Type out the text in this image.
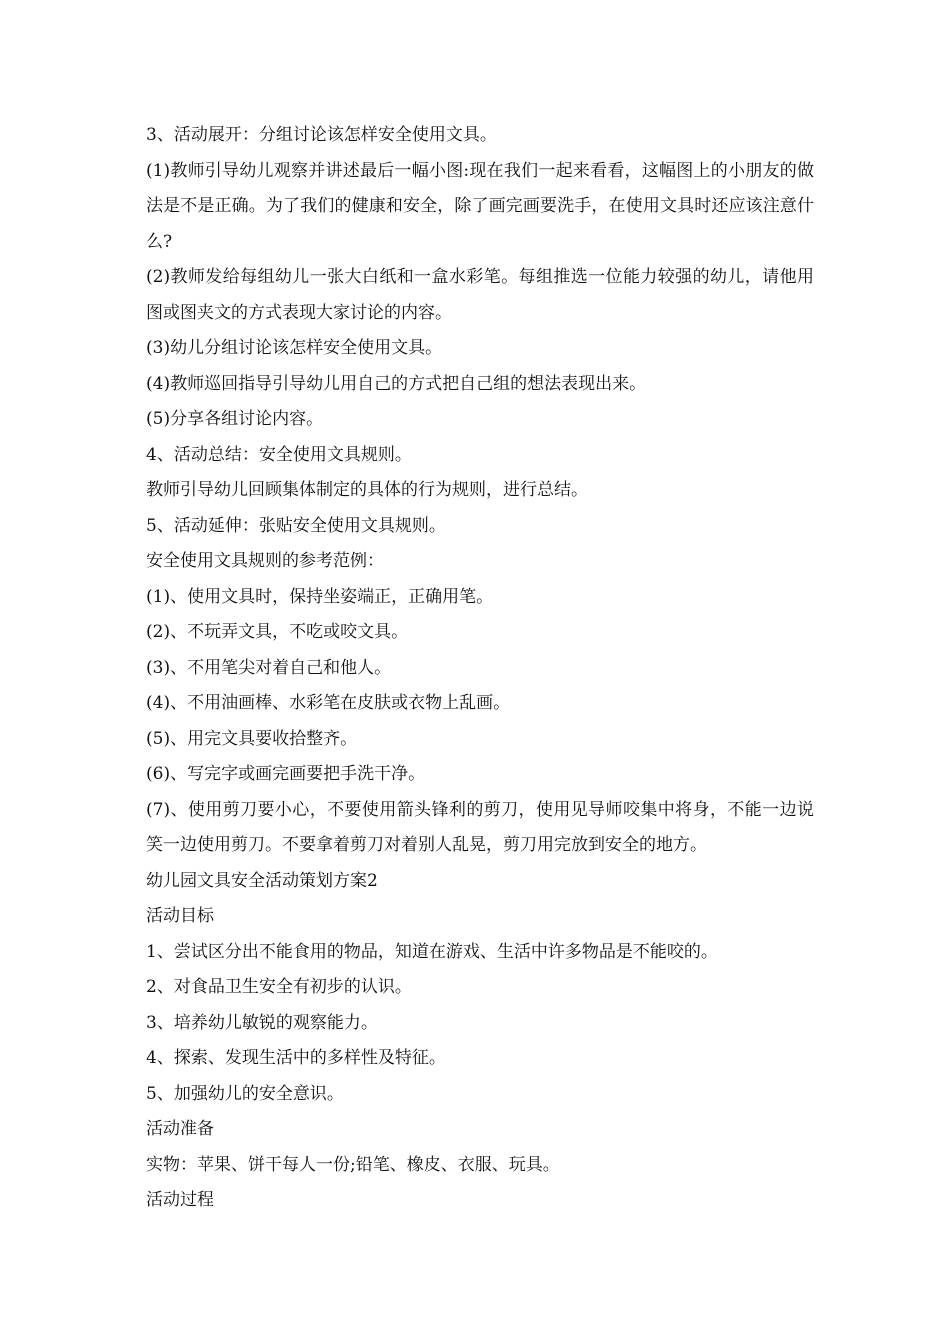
3、活动展开：分组讨论该怎样安全使用文具。

(1)教师引导幼儿观察并讲述最后一幅小图:现在我们一起来看看，这幅图上的小朋友的做法是不是正确。为了我们的健康和安全，除了画完画要洗手，在使用文具时还应该注意什么?

(2)教师发给每组幼儿一张大白纸和一盒水彩笔。每组推选一位能力较强的幼儿，请他用图或图夹文的方式表现大家讨论的内容。

(3)幼儿分组讨论该怎样安全使用文具。

(4)教师巡回指导引导幼儿用自己的方式把自己组的想法表现出来。

(5)分享各组讨论内容。

4、活动总结：安全使用文具规则。

教师引导幼儿回顾集体制定的具体的行为规则，进行总结。

5、活动延伸：张贴安全使用文具规则。

安全使用文具规则的参考范例：

(1)、使用文具时，保持坐姿端正，正确用笔。

(2)、不玩弄文具，不吃或咬文具。

(3)、不用笔尖对着自己和他人。

(4)、不用油画棒、水彩笔在皮肤或衣物上乱画。

(5)、用完文具要收拾整齐。

(6)、写完字或画完画要把手洗干净。

(7)、使用剪刀要小心，不要使用箭头锋利的剪刀，使用见导师咬集中将身，不能一边说笑一边使用剪刀。不要拿着剪刀对着别人乱晃，剪刀用完放到安全的地方。

幼儿园文具安全活动策划方案2

活动目标

1、尝试区分出不能食用的物品，知道在游戏、生活中许多物品是不能咬的。

2、对食品卫生安全有初步的认识。

3、培养幼儿敏锐的观察能力。

4、探索、发现生活中的多样性及特征。

5、加强幼儿的安全意识。

活动准备

实物：苹果、饼干每人一份;铅笔、橡皮、衣服、玩具。

活动过程
